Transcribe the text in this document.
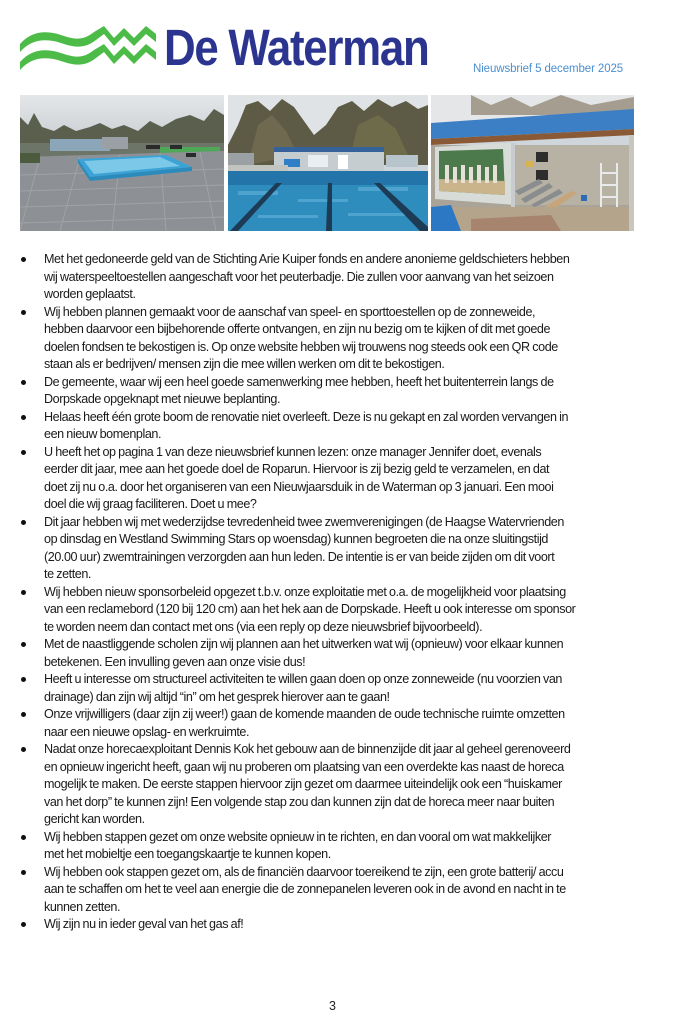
De Waterman	Nieuwsbrief 5 december 2025
Met het gedoneerde geld van de Stichting Arie Kuiper fonds en andere anonieme geldschieters hebben
wij waterspeeltoestellen aangeschaft voor het peuterbadje. Die zullen voor aanvang van het seizoen
worden geplaatst.
Wij hebben plannen gemaakt voor de aanschaf van speel- en sporttoestellen op de zonneweide,
hebben daarvoor een bijbehorende offerte ontvangen, en zijn nu bezig om te kijken of dit met goede
doelen fondsen te bekostigen is. Op onze website hebben wij trouwens nog steeds ook een QR code
staan als er bedrijven/ mensen zijn die mee willen werken om dit te bekostigen.
De gemeente, waar wij een heel goede samenwerking mee hebben, heeft het buitenterrein langs de
Dorpskade opgeknapt met nieuwe beplanting.
Helaas heeft één grote boom de renovatie niet overleeft. Deze is nu gekapt en zal worden vervangen in
een nieuw bomenplan.
U heeft het op pagina 1 van deze nieuwsbrief kunnen lezen: onze manager Jennifer doet, evenals
eerder dit jaar, mee aan het goede doel de Roparun. Hiervoor is zij bezig geld te verzamelen, en dat
doet zij nu o.a. door het organiseren van een Nieuwjaarsduik in de Waterman op 3 januari. Een mooi
doel die wij graag faciliteren. Doet u mee?
Dit jaar hebben wij met wederzijdse tevredenheid twee zwemverenigingen (de Haagse Watervrienden
op dinsdag en Westland Swimming Stars op woensdag) kunnen begroeten die na onze sluitingstijd
(20.00 uur) zwemtrainingen verzorgden aan hun leden. De intentie is er van beide zijden om dit voort
te zetten.
Wij hebben nieuw sponsorbeleid opgezet t.b.v. onze exploitatie met o.a. de mogelijkheid voor plaatsing
van een reclamebord (120 bij 120 cm) aan het hek aan de Dorpskade. Heeft u ook interesse om sponsor
te worden neem dan contact met ons (via een reply op deze nieuwsbrief bijvoorbeeld).
Met de naastliggende scholen zijn wij plannen aan het uitwerken wat wij (opnieuw) voor elkaar kunnen
betekenen. Een invulling geven aan onze visie dus!
Heeft u interesse om structureel activiteiten te willen gaan doen op onze zonneweide (nu voorzien van
drainage) dan zijn wij altijd “in” om het gesprek hierover aan te gaan!
Onze vrijwilligers (daar zijn zij weer!) gaan de komende maanden de oude technische ruimte omzetten
naar een nieuwe opslag- en werkruimte.
Nadat onze horecaexploitant Dennis Kok het gebouw aan de binnenzijde dit jaar al geheel gerenoveerd
en opnieuw ingericht heeft, gaan wij nu proberen om plaatsing van een overdekte kas naast de horeca
mogelijk te maken. De eerste stappen hiervoor zijn gezet om daarmee uiteindelijk ook een “huiskamer
van het dorp” te kunnen zijn! Een volgende stap zou dan kunnen zijn dat de horeca meer naar buiten
gericht kan worden.
Wij hebben stappen gezet om onze website opnieuw in te richten, en dan vooral om wat makkelijker
met het mobieltje een toegangskaartje te kunnen kopen.
Wij hebben ook stappen gezet om, als de financiën daarvoor toereikend te zijn, een grote batterij/ accu
aan te schaffen om het te veel aan energie die de zonnepanelen leveren ook in de avond en nacht in te
kunnen zetten.
Wij zijn nu in ieder geval van het gas af!
3
